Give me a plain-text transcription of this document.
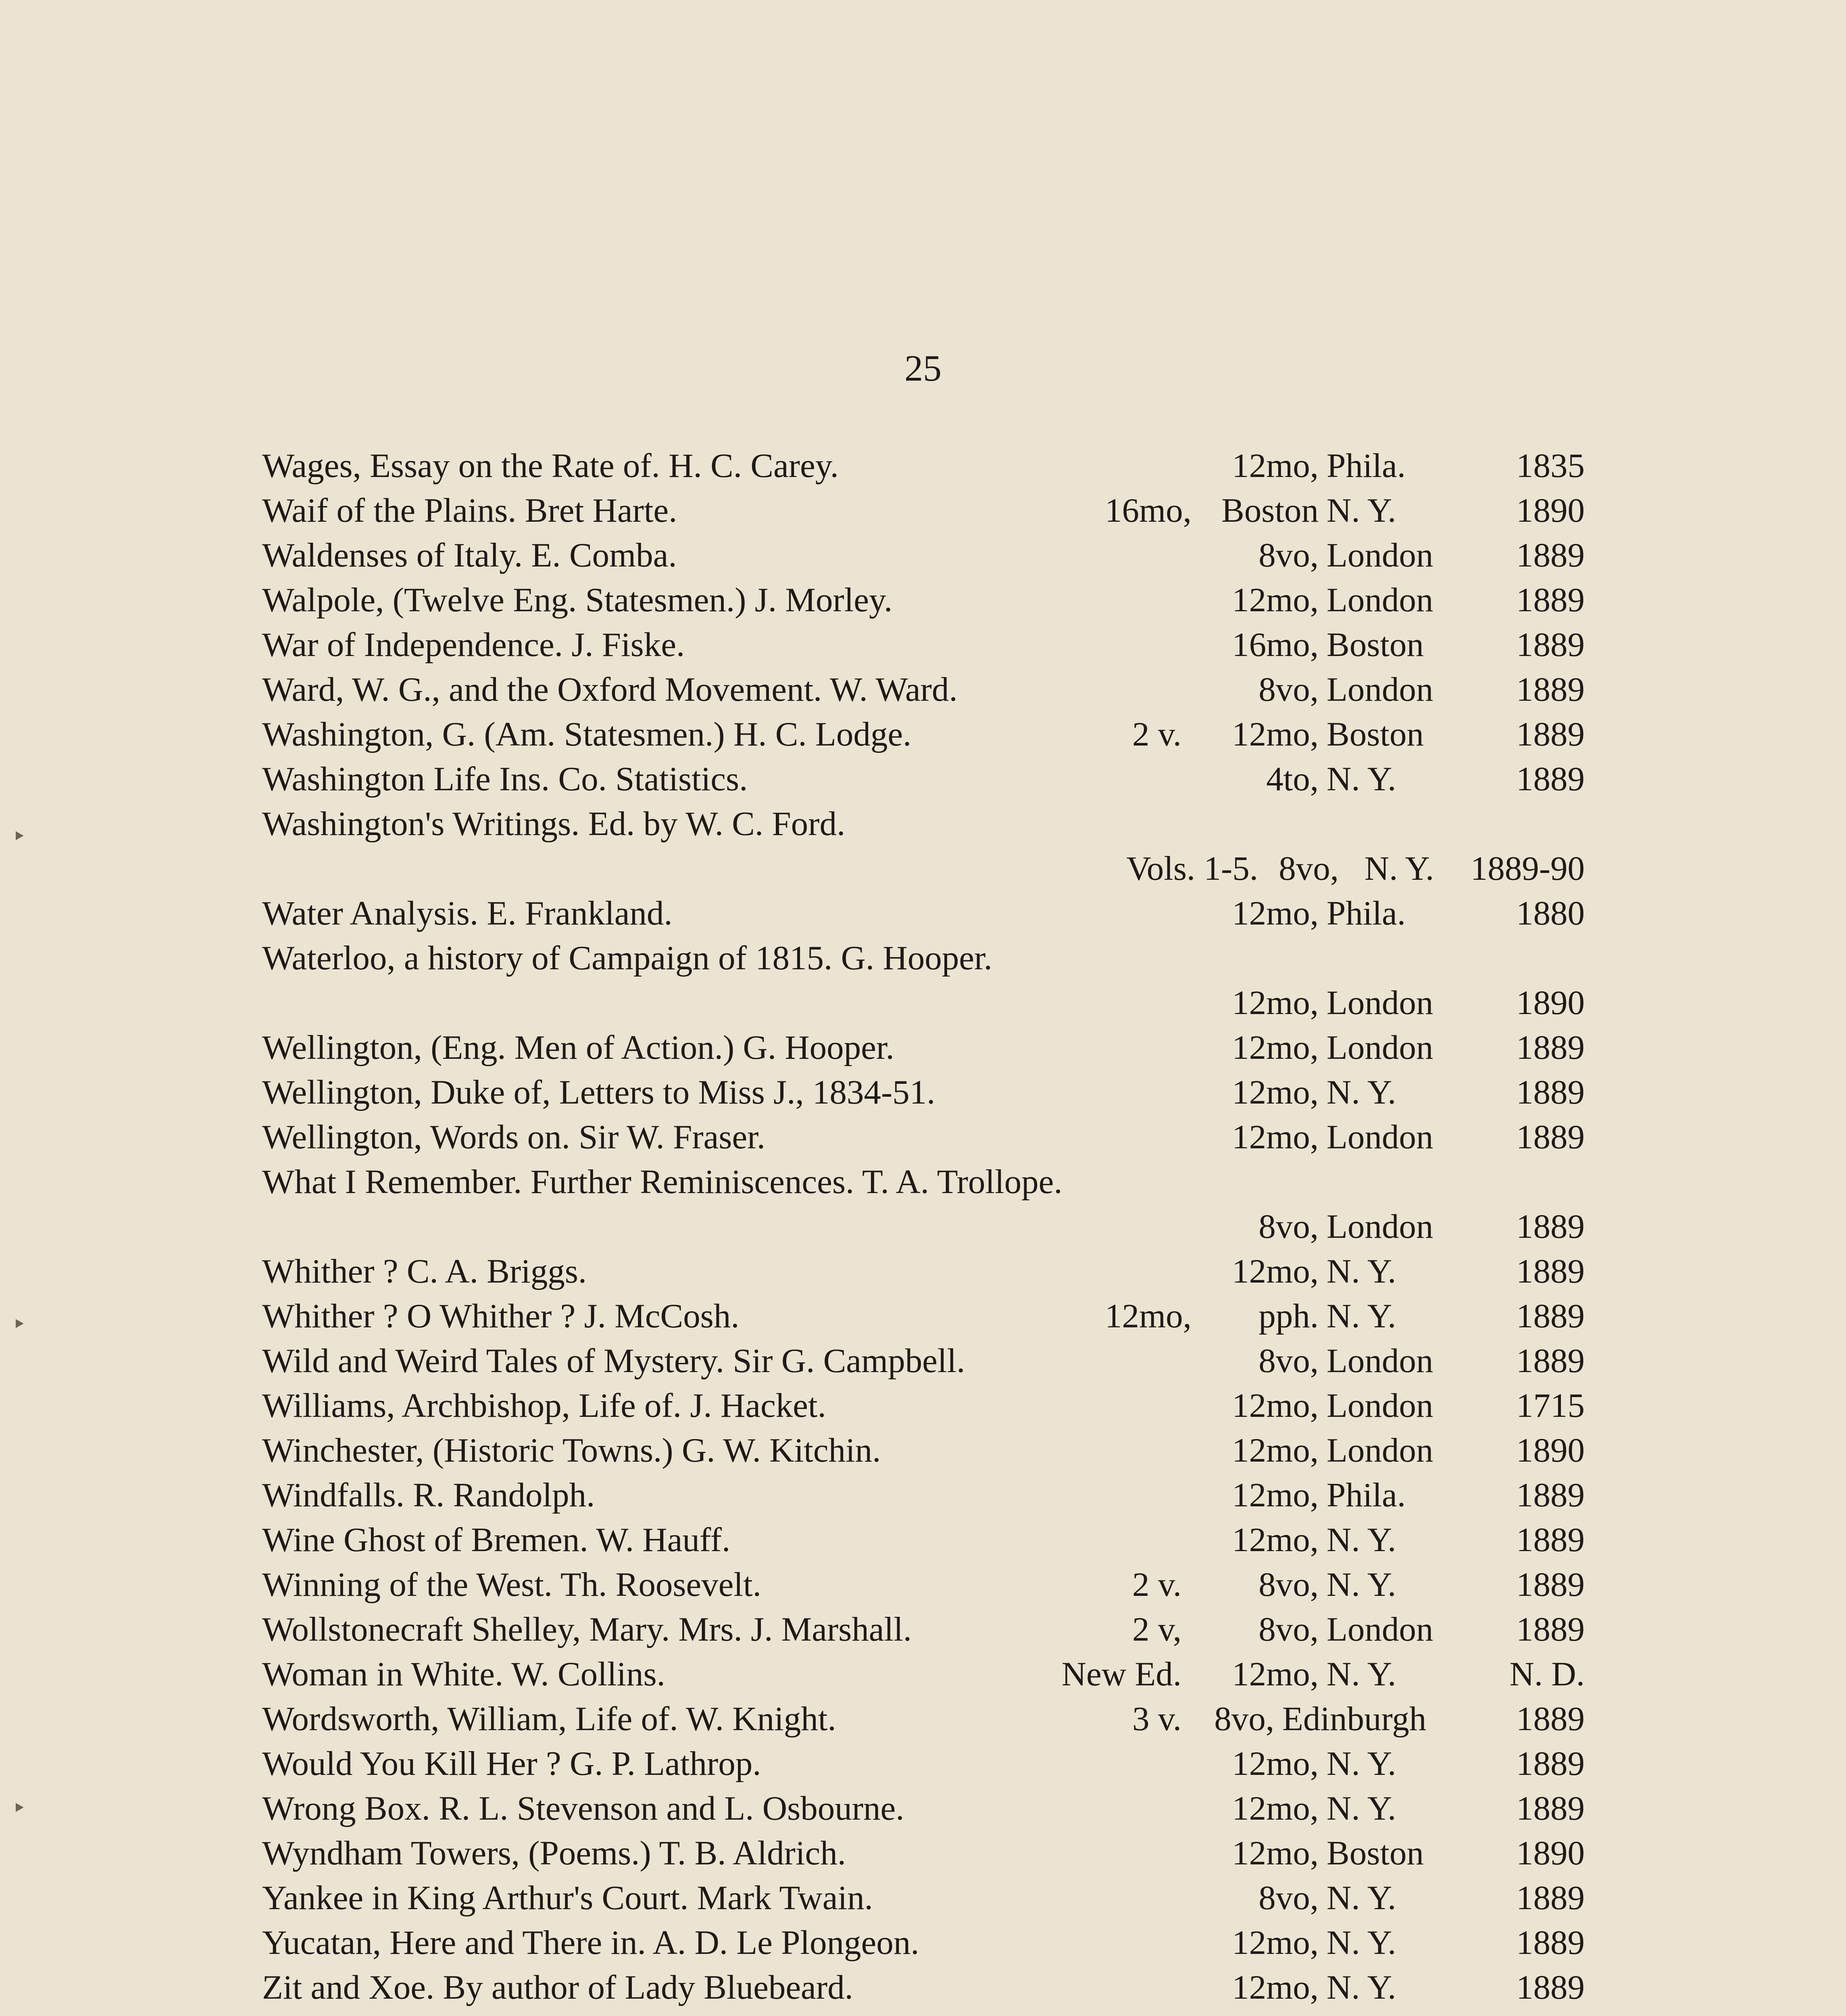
25
Wages, Essay on the Rate of. H. C. Carey.	12mo, Phila.	1835
Waif of the Plains. Bret Harte.	16mo, Boston N. Y.	1890
Waldenses of Italy. E. Comba.	8vo, London	1889
Walpole, (Twelve Eng. Statesmen.) J. Morley.	12mo, London	1889
War of Independence. J. Fiske.	16mo, Boston	1889
Ward, W. G., and the Oxford Movement. W. Ward.	8vo, London	1889
Washington, G. (Am. Statesmen.) H. C. Lodge.	2 v.	12mo, Boston	1889
Washington Life Ins. Co. Statistics.	4to, N. Y.	1889
Washington's Writings. Ed. by W. C. Ford.
Vols. 1-5. 8vo, N. Y.	1889-90
Water Analysis. E. Frankland.	12mo, Phila.	1880
Waterloo, a history of Campaign of 1815. G. Hooper.
12mo, London	1890
Wellington, (Eng. Men of Action.) G. Hooper.	12mo, London	1889
Wellington, Duke of, Letters to Miss J., 1834-51.	12mo, N. Y.	1889
Wellington, Words on. Sir W. Fraser.	12mo, London	1889
What I Remember. Further Reminiscences. T. A. Trollope.
8vo, London	1889
Whither ? C. A. Briggs.	12mo, N. Y.	1889
Whither ? O Whither ? J. McCosh.	12mo,	pph. N. Y.	1889
Wild and Weird Tales of Mystery. Sir G. Campbell.	8vo, London	1889
Williams, Archbishop, Life of. J. Hacket.	12mo, London	1715
Winchester, (Historic Towns.) G. W. Kitchin.	12mo, London	1890
Windfalls. R. Randolph.	12mo, Phila.	1889
Wine Ghost of Bremen. W. Hauff.	12mo, N. Y.	1889
Winning of the West. Th. Roosevelt.	2 v.	8vo, N. Y.	1889
Wollstonecraft Shelley, Mary. Mrs. J. Marshall.	2 v,	8vo, London	1889
Woman in White. W. Collins.	New Ed.	12mo, N. Y.	N. D.
Wordsworth, William, Life of. W. Knight.	3 v. 8vo, Edinburgh	1889
Would You Kill Her ? G. P. Lathrop.	12mo, N. Y.	1889
Wrong Box. R. L. Stevenson and L. Osbourne.	12mo, N. Y.	1889
Wyndham Towers, (Poems.) T. B. Aldrich.	12mo, Boston	1890
Yankee in King Arthur's Court. Mark Twain.	8vo, N. Y.	1889
Yucatan, Here and There in. A. D. Le Plongeon.	12mo, N. Y.	1889
Zit and Xoe. By author of Lady Bluebeard.	12mo, N. Y.	1889
‣
‣
‣
